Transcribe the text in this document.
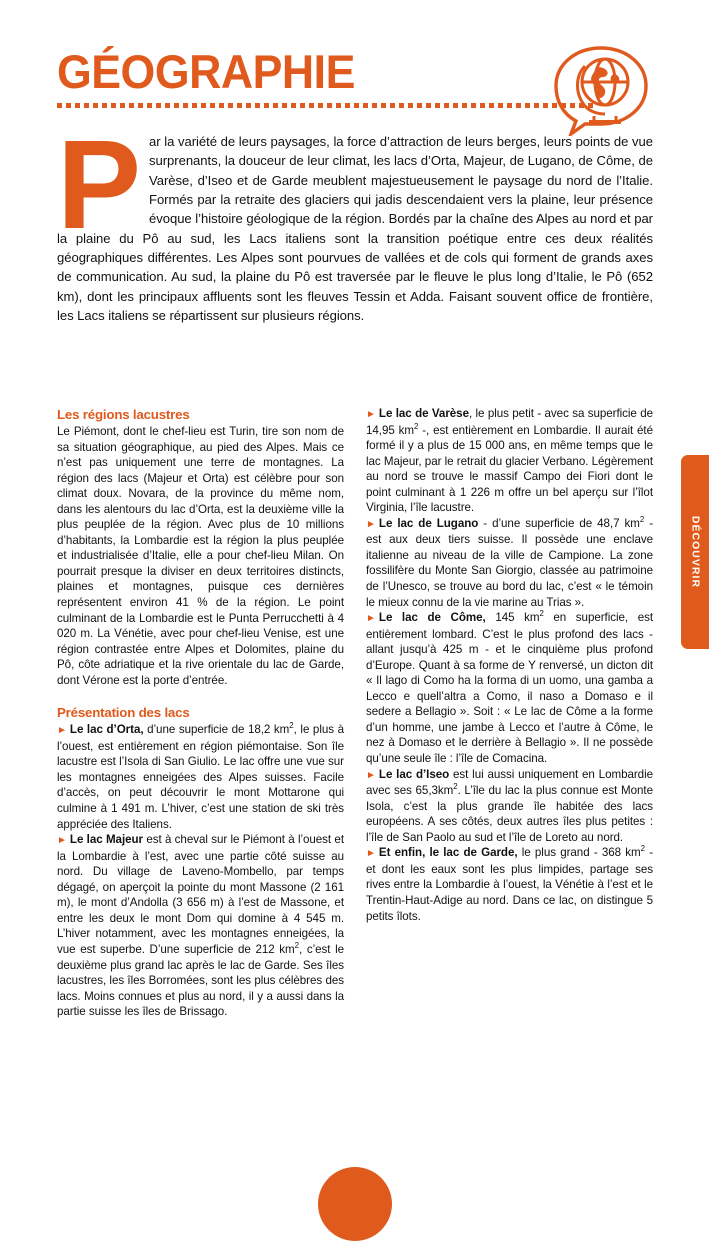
GÉOGRAPHIE
P ar la variété de leurs paysages, la force d’attraction de leurs berges, leurs points de vue surprenants, la douceur de leur climat, les lacs d’Orta, Majeur, de Lugano, de Côme, de Varèse, d’Iseo et de Garde meublent majestueusement le paysage du nord de l’Italie. Formés par la retraite des glaciers qui jadis descendaient vers la plaine, leur présence évoque l’histoire géologique de la région. Bordés par la chaîne des Alpes au nord et par la plaine du Pô au sud, les Lacs italiens sont la transition poétique entre ces deux réalités géographiques différentes. Les Alpes sont pourvues de vallées et de cols qui forment de grands axes de communication. Au sud, la plaine du Pô est traversée par le fleuve le plus long d’Italie, le Pô (652 km), dont les principaux affluents sont les fleuves Tessin et Adda. Faisant souvent office de frontière, les Lacs italiens se répartissent sur plusieurs régions.

Les régions lacustres

Le Piémont, dont le chef-lieu est Turin, tire son nom de sa situation géographique, au pied des Alpes. Mais ce n’est pas uniquement une terre de montagnes. La région des lacs (Majeur et Orta) est célèbre pour son climat doux. Novara, de la province du même nom, dans les alentours du lac d’Orta, est la deuxième ville la plus peuplée de la région. Avec plus de 10 millions d’habitants, la Lombardie est la région la plus peuplée et industrialisée d’Italie, elle a pour chef-lieu Milan. On pourrait presque la diviser en deux territoires distincts, plaines et montagnes, puisque ces dernières représentent environ 41 % de la région. Le point culminant de la Lombardie est le Punta Perrucchetti à 4 020 m. La Vénétie, avec pour chef-lieu Venise, est une région contrastée entre Alpes et Dolomites, plaine du Pô, côte adriatique et la rive orientale du lac de Garde, dont Vérone est la porte d’entrée.

Présentation des lacs

► Le lac d’Orta, d’une superficie de 18,2 $km^2$, le plus à l’ouest, est entièrement en région piémontaise. Son île lacustre est l’Isola di San Giulio. Le lac offre une vue sur les montagnes enneigées des Alpes suisses. Facile d’accès, on peut découvrir le mont Mottarone qui culmine à 1 491 m. L’hiver, c’est une station de ski très appréciée des Italiens.

► Le lac Majeur est à cheval sur le Piémont à l’ouest et la Lombardie à l’est, avec une partie côté suisse au nord. Du village de Laveno-Mombello, par temps dégagé, on aperçoit la pointe du mont Massone (2 161 m), le mont d’Andolla (3 656 m) à l’est de Massone, et entre les deux le mont Dom qui domine à 4 545 m. L’hiver notamment, avec les montagnes enneigées, la vue est superbe. D’une superficie de 212 $km^2$, c’est le deuxième plus grand lac après le lac de Garde. Ses îles lacustres, les îles Borromées, sont les plus célèbres des lacs. Moins connues et plus au nord, il y a aussi dans la partie suisse les îles de Brissago.

► Le lac de Varèse, le plus petit - avec sa superficie de 14,95 $km^2$ -, est entièrement en Lombardie. Il aurait été formé il y a plus de 15 000 ans, en même temps que le lac Majeur, par le retrait du glacier Verbano. Légèrement au nord se trouve le massif Campo dei Fiori dont le point culminant à 1 226 m offre un bel aperçu sur l’îlot Virginia, l’île lacustre.

► Le lac de Lugano - d’une superficie de 48,7 $km^2$ - est aux deux tiers suisse. Il possède une enclave italienne au niveau de la ville de Campione. La zone fossilifère du Monte San Giorgio, classée au patrimoine de l’Unesco, se trouve au bord du lac, c’est « le témoin le mieux connu de la vie marine au Trias ».

► Le lac de Côme, 145 $km^2$ en superficie, est entièrement lombard. C’est le plus profond des lacs - allant jusqu’à 425 m - et le cinquième plus profond d’Europe. Quant à sa forme de Y renversé, un dicton dit « Il lago di Como ha la forma di un uomo, una gamba a Lecco e quell’altra a Como, il naso a Domaso e il sedere a Bellagio ». Soit : « Le lac de Côme a la forme d’un homme, une jambe à Lecco et l’autre à Côme, le nez à Domaso et le derrière à Bellagio ». Il ne possède qu’une seule île : l’île de Comacina.

► Le lac d’Iseo est lui aussi uniquement en Lombardie avec ses $65,3km^2$. L’île du lac la plus connue est Monte Isola, c’est la plus grande île habitée des lacs européens. A ses côtés, deux autres îles plus petites : l’île de San Paolo au sud et l’île de Loreto au nord.

► Et enfin, le lac de Garde, le plus grand - 368 $km^2$ - et dont les eaux sont les plus limpides, partage ses rives entre la Lombardie à l’ouest, la Vénétie à l’est et le Trentin-Haut-Adige au nord. Dans ce lac, on distingue 5 petits îlots.

DÉCOUVRIR
